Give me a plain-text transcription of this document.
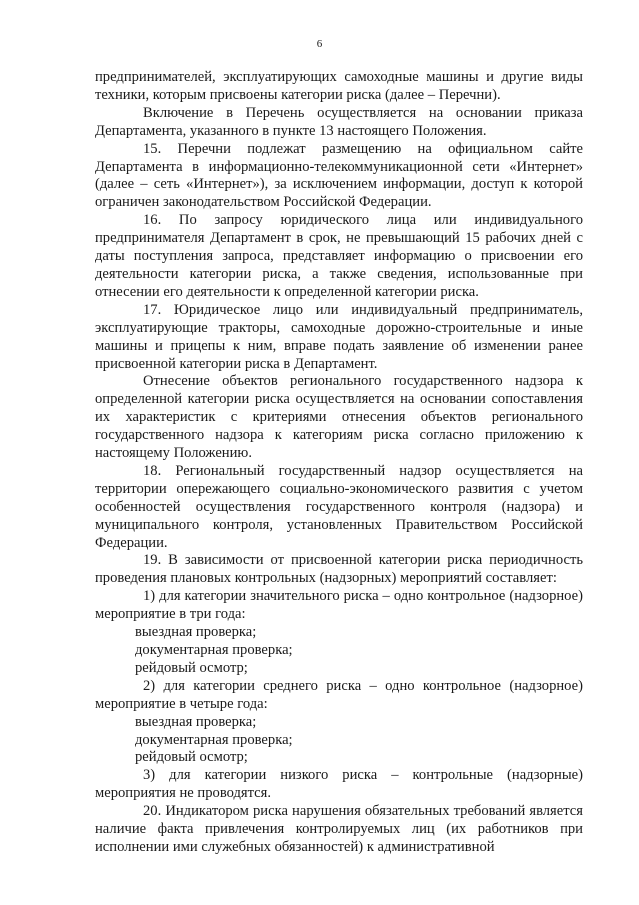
6

предпринимателей, эксплуатирующих самоходные машины и другие виды техники, которым присвоены категории риска (далее – Перечни).

Включение в Перечень осуществляется на основании приказа Департамента, указанного в пункте 13 настоящего Положения.

15. Перечни подлежат размещению на официальном сайте Департамента в информационно-телекоммуникационной сети «Интернет» (далее – сеть «Интернет»), за исключением информации, доступ к которой ограничен законодательством Российской Федерации.

16. По запросу юридического лица или индивидуального предпринимателя Департамент в срок, не превышающий 15 рабочих дней с даты поступления запроса, представляет информацию о присвоении его деятельности категории риска, а также сведения, использованные при отнесении его деятельности к определенной категории риска.

17. Юридическое лицо или индивидуальный предприниматель, эксплуатирующие тракторы, самоходные дорожно-строительные и иные машины и прицепы к ним, вправе подать заявление об изменении ранее присвоенной категории риска в Департамент.

Отнесение объектов регионального государственного надзора к определенной категории риска осуществляется на основании сопоставления их характеристик с критериями отнесения объектов регионального государственного надзора к категориям риска согласно приложению к настоящему Положению.

18. Региональный государственный надзор осуществляется на территории опережающего социально-экономического развития с учетом особенностей осуществления государственного контроля (надзора) и муниципального контроля, установленных Правительством Российской Федерации.

19. В зависимости от присвоенной категории риска периодичность проведения плановых контрольных (надзорных) мероприятий составляет:

1) для категории значительного риска – одно контрольное (надзорное) мероприятие в три года:

выездная проверка;

документарная проверка;

рейдовый осмотр;

2) для категории среднего риска – одно контрольное (надзорное) мероприятие в четыре года:

выездная проверка;

документарная проверка;

рейдовый осмотр;

3) для категории низкого риска – контрольные (надзорные) мероприятия не проводятся.

20. Индикатором риска нарушения обязательных требований является наличие факта привлечения контролируемых лиц (их работников при исполнении ими служебных обязанностей) к административной
